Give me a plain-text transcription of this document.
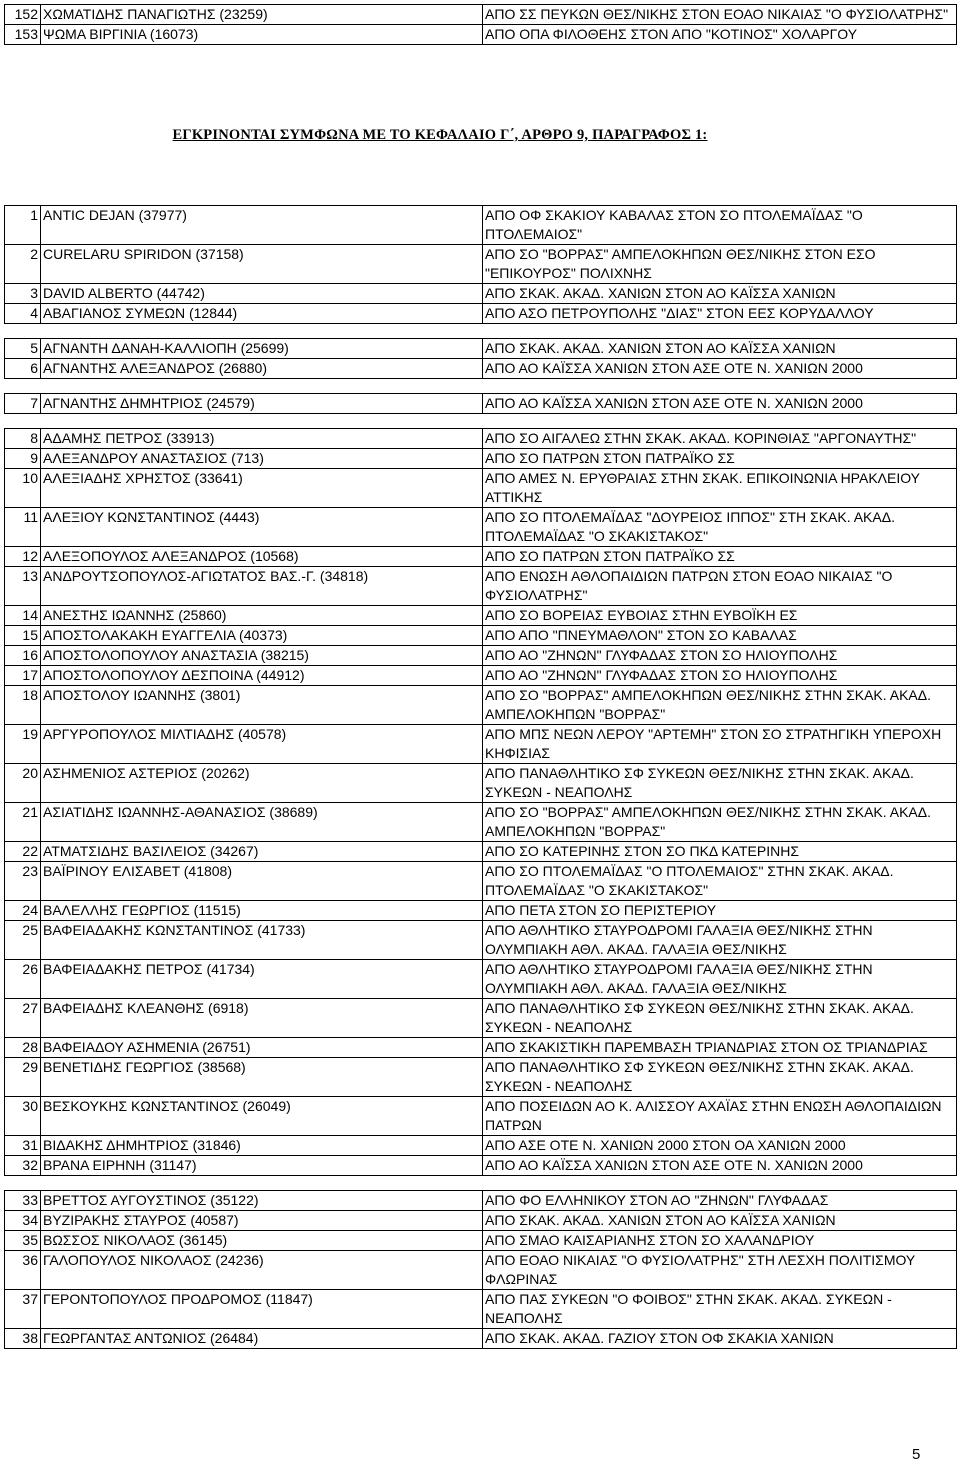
152	ΧΩΜΑΤΙΔΗΣ ΠΑΝΑΓΙΩΤΗΣ (23259)	ΑΠΟ ΣΣ ΠΕΥΚΩΝ ΘΕΣ/ΝΙΚΗΣ ΣΤΟΝ ΕΟΑΟ ΝΙΚΑΙΑΣ "Ο ΦΥΣΙΟΛΑΤΡΗΣ"
153	ΨΩΜΑ ΒΙΡΓΙΝΙΑ (16073)	ΑΠΟ ΟΠΑ ΦΙΛΟΘΕΗΣ ΣΤΟΝ ΑΠΟ "ΚΟΤΙΝΟΣ" ΧΟΛΑΡΓΟΥ
ΕΓΚΡΙΝΟΝΤΑΙ ΣΥΜΦΩΝΑ ΜΕ ΤΟ ΚΕΦΑΛΑΙΟ Γ΄, ΑΡΘΡΟ 9, ΠΑΡΑΓΡΑΦΟΣ 1:
1	ANTIC DEJAN (37977)	ΑΠΟ ΟΦ ΣΚΑΚΙΟΥ ΚΑΒΑΛΑΣ ΣΤΟΝ ΣΟ ΠΤΟΛΕΜΑΪΔΑΣ "Ο ΠΤΟΛΕΜΑΙΟΣ"
2	CURELARU SPIRIDON (37158)	ΑΠΟ ΣΟ "ΒΟΡΡΑΣ" ΑΜΠΕΛΟΚΗΠΩΝ ΘΕΣ/ΝΙΚΗΣ ΣΤΟΝ ΕΣΟ "ΕΠΙΚΟΥΡΟΣ" ΠΟΛΙΧΝΗΣ
3	DAVID ALBERTO (44742)	ΑΠΟ ΣΚΑΚ. ΑΚΑΔ. ΧΑΝΙΩΝ ΣΤΟΝ ΑΟ ΚΑΪΣΣΑ ΧΑΝΙΩΝ
4	ΑΒΑΓΙΑΝΟΣ ΣΥΜΕΩΝ (12844)	ΑΠΟ ΑΣΟ ΠΕΤΡΟΥΠΟΛΗΣ "ΔΙΑΣ" ΣΤΟΝ ΕΕΣ ΚΟΡΥΔΑΛΛΟΥ

5	ΑΓΝΑΝΤΗ ΔΑΝΑΗ-ΚΑΛΛΙΟΠΗ (25699)	ΑΠΟ ΣΚΑΚ. ΑΚΑΔ. ΧΑΝΙΩΝ ΣΤΟΝ ΑΟ ΚΑΪΣΣΑ ΧΑΝΙΩΝ
6	ΑΓΝΑΝΤΗΣ ΑΛΕΞΑΝΔΡΟΣ (26880)	ΑΠΟ ΑΟ ΚΑΪΣΣΑ ΧΑΝΙΩΝ ΣΤΟΝ ΑΣΕ ΟΤΕ Ν. ΧΑΝΙΩΝ 2000

7	ΑΓΝΑΝΤΗΣ ΔΗΜΗΤΡΙΟΣ (24579)	ΑΠΟ ΑΟ ΚΑΪΣΣΑ ΧΑΝΙΩΝ ΣΤΟΝ ΑΣΕ ΟΤΕ Ν. ΧΑΝΙΩΝ 2000

8	ΑΔΑΜΗΣ ΠΕΤΡΟΣ (33913)	ΑΠΟ ΣΟ ΑΙΓΑΛΕΩ ΣΤΗΝ ΣΚΑΚ. ΑΚΑΔ. ΚΟΡΙΝΘΙΑΣ "ΑΡΓΟΝΑΥΤΗΣ"
9	ΑΛΕΞΑΝΔΡΟΥ ΑΝΑΣΤΑΣΙΟΣ (713)	ΑΠΟ ΣΟ ΠΑΤΡΩΝ ΣΤΟΝ ΠΑΤΡΑΪΚΟ ΣΣ
10	ΑΛΕΞΙΑΔΗΣ ΧΡΗΣΤΟΣ (33641)	ΑΠΟ ΑΜΕΣ Ν. ΕΡΥΘΡΑΙΑΣ ΣΤΗΝ ΣΚΑΚ. ΕΠΙΚΟΙΝΩΝΙΑ ΗΡΑΚΛΕΙΟΥ ΑΤΤΙΚΗΣ
11	ΑΛΕΞΙΟΥ ΚΩΝΣΤΑΝΤΙΝΟΣ (4443)	ΑΠΟ ΣΟ ΠΤΟΛΕΜΑΪΔΑΣ "ΔΟΥΡΕΙΟΣ ΙΠΠΟΣ" ΣΤΗ ΣΚΑΚ. ΑΚΑΔ. ΠΤΟΛΕΜΑΪΔΑΣ "Ο ΣΚΑΚΙΣΤΑΚΟΣ"
12	ΑΛΕΞΟΠΟΥΛΟΣ ΑΛΕΞΑΝΔΡΟΣ (10568)	ΑΠΟ ΣΟ ΠΑΤΡΩΝ ΣΤΟΝ ΠΑΤΡΑΪΚΟ ΣΣ
13	ΑΝΔΡΟΥΤΣΟΠΟΥΛΟΣ-ΑΓΙΩΤΑΤΟΣ ΒΑΣ.-Γ. (34818)	ΑΠΟ ΕΝΩΣΗ ΑΘΛΟΠΑΙΔΙΩΝ ΠΑΤΡΩΝ ΣΤΟΝ ΕΟΑΟ ΝΙΚΑΙΑΣ "Ο ΦΥΣΙΟΛΑΤΡΗΣ"
14	ΑΝΕΣΤΗΣ ΙΩΑΝΝΗΣ (25860)	ΑΠΟ ΣΟ ΒΟΡΕΙΑΣ ΕΥΒΟΙΑΣ ΣΤΗΝ ΕΥΒΟΪΚΗ ΕΣ
15	ΑΠΟΣΤΟΛΑΚΑΚΗ ΕΥΑΓΓΕΛΙΑ (40373)	ΑΠΟ ΑΠΟ "ΠΝΕΥΜΑΘΛΟΝ" ΣΤΟΝ ΣΟ ΚΑΒΑΛΑΣ
16	ΑΠΟΣΤΟΛΟΠΟΥΛΟΥ ΑΝΑΣΤΑΣΙΑ (38215)	ΑΠΟ ΑΟ "ΖΗΝΩΝ" ΓΛΥΦΑΔΑΣ ΣΤΟΝ ΣΟ ΗΛΙΟΥΠΟΛΗΣ
17	ΑΠΟΣΤΟΛΟΠΟΥΛΟΥ ΔΕΣΠΟΙΝΑ (44912)	ΑΠΟ ΑΟ "ΖΗΝΩΝ" ΓΛΥΦΑΔΑΣ ΣΤΟΝ ΣΟ ΗΛΙΟΥΠΟΛΗΣ
18	ΑΠΟΣΤΟΛΟΥ ΙΩΑΝΝΗΣ (3801)	ΑΠΟ ΣΟ "ΒΟΡΡΑΣ" ΑΜΠΕΛΟΚΗΠΩΝ ΘΕΣ/ΝΙΚΗΣ ΣΤΗΝ ΣΚΑΚ. ΑΚΑΔ. ΑΜΠΕΛΟΚΗΠΩΝ "ΒΟΡΡΑΣ"
19	ΑΡΓΥΡΟΠΟΥΛΟΣ ΜΙΛΤΙΑΔΗΣ (40578)	ΑΠΟ ΜΠΣ ΝΕΩΝ ΛΕΡΟΥ "ΑΡΤΕΜΗ" ΣΤΟΝ ΣΟ ΣΤΡΑΤΗΓΙΚΗ ΥΠΕΡΟΧΗ ΚΗΦΙΣΙΑΣ
20	ΑΣΗΜΕΝΙΟΣ ΑΣΤΕΡΙΟΣ (20262)	ΑΠΟ ΠΑΝΑΘΛΗΤΙΚΟ ΣΦ ΣΥΚΕΩΝ ΘΕΣ/ΝΙΚΗΣ ΣΤΗΝ ΣΚΑΚ. ΑΚΑΔ. ΣΥΚΕΩΝ - ΝΕΑΠΟΛΗΣ
21	ΑΣΙΑΤΙΔΗΣ ΙΩΑΝΝΗΣ-ΑΘΑΝΑΣΙΟΣ (38689)	ΑΠΟ ΣΟ "ΒΟΡΡΑΣ" ΑΜΠΕΛΟΚΗΠΩΝ ΘΕΣ/ΝΙΚΗΣ ΣΤΗΝ ΣΚΑΚ. ΑΚΑΔ. ΑΜΠΕΛΟΚΗΠΩΝ "ΒΟΡΡΑΣ"
22	ΑΤΜΑΤΣΙΔΗΣ ΒΑΣΙΛΕΙΟΣ (34267)	ΑΠΟ ΣΟ ΚΑΤΕΡΙΝΗΣ ΣΤΟΝ ΣΟ ΠΚΔ ΚΑΤΕΡΙΝΗΣ
23	ΒΑΪΡΙΝΟΥ ΕΛΙΣΑΒΕΤ (41808)	ΑΠΟ ΣΟ ΠΤΟΛΕΜΑΪΔΑΣ "Ο ΠΤΟΛΕΜΑΙΟΣ" ΣΤΗΝ ΣΚΑΚ. ΑΚΑΔ. ΠΤΟΛΕΜΑΪΔΑΣ "Ο ΣΚΑΚΙΣΤΑΚΟΣ"
24	ΒΑΛΕΛΛΗΣ ΓΕΩΡΓΙΟΣ (11515)	ΑΠΟ ΠΕΤΑ ΣΤΟΝ ΣΟ ΠΕΡΙΣΤΕΡΙΟΥ
25	ΒΑΦΕΙΑΔΑΚΗΣ ΚΩΝΣΤΑΝΤΙΝΟΣ (41733)	ΑΠΟ ΑΘΛΗΤΙΚΟ ΣΤΑΥΡΟΔΡΟΜΙ ΓΑΛΑΞΙΑ ΘΕΣ/ΝΙΚΗΣ ΣΤΗΝ ΟΛΥΜΠΙΑΚΗ ΑΘΛ. ΑΚΑΔ. ΓΑΛΑΞΙΑ ΘΕΣ/ΝΙΚΗΣ
26	ΒΑΦΕΙΑΔΑΚΗΣ ΠΕΤΡΟΣ (41734)	ΑΠΟ ΑΘΛΗΤΙΚΟ ΣΤΑΥΡΟΔΡΟΜΙ ΓΑΛΑΞΙΑ ΘΕΣ/ΝΙΚΗΣ ΣΤΗΝ ΟΛΥΜΠΙΑΚΗ ΑΘΛ. ΑΚΑΔ. ΓΑΛΑΞΙΑ ΘΕΣ/ΝΙΚΗΣ
27	ΒΑΦΕΙΑΔΗΣ ΚΛΕΑΝΘΗΣ (6918)	ΑΠΟ ΠΑΝΑΘΛΗΤΙΚΟ ΣΦ ΣΥΚΕΩΝ ΘΕΣ/ΝΙΚΗΣ ΣΤΗΝ ΣΚΑΚ. ΑΚΑΔ. ΣΥΚΕΩΝ - ΝΕΑΠΟΛΗΣ
28	ΒΑΦΕΙΑΔΟΥ ΑΣΗΜΕΝΙΑ (26751)	ΑΠΟ ΣΚΑΚΙΣΤΙΚΗ ΠΑΡΕΜΒΑΣΗ ΤΡΙΑΝΔΡΙΑΣ ΣΤΟΝ ΟΣ ΤΡΙΑΝΔΡΙΑΣ
29	ΒΕΝΕΤΙΔΗΣ ΓΕΩΡΓΙΟΣ (38568)	ΑΠΟ ΠΑΝΑΘΛΗΤΙΚΟ ΣΦ ΣΥΚΕΩΝ ΘΕΣ/ΝΙΚΗΣ ΣΤΗΝ ΣΚΑΚ. ΑΚΑΔ. ΣΥΚΕΩΝ - ΝΕΑΠΟΛΗΣ
30	ΒΕΣΚΟΥΚΗΣ ΚΩΝΣΤΑΝΤΙΝΟΣ (26049)	ΑΠΟ ΠΟΣΕΙΔΩΝ ΑΟ Κ. ΑΛΙΣΣΟΥ ΑΧΑΪΑΣ ΣΤΗΝ ΕΝΩΣΗ ΑΘΛΟΠΑΙΔΙΩΝ ΠΑΤΡΩΝ
31	ΒΙΔΑΚΗΣ ΔΗΜΗΤΡΙΟΣ (31846)	ΑΠΟ ΑΣΕ ΟΤΕ Ν. ΧΑΝΙΩΝ 2000 ΣΤΟΝ ΟΑ ΧΑΝΙΩΝ 2000
32	ΒΡΑΝΑ ΕΙΡΗΝΗ (31147)	ΑΠΟ ΑΟ ΚΑΪΣΣΑ ΧΑΝΙΩΝ ΣΤΟΝ ΑΣΕ ΟΤΕ Ν. ΧΑΝΙΩΝ 2000

33	ΒΡΕΤΤΟΣ ΑΥΓΟΥΣΤΙΝΟΣ (35122)	ΑΠΟ ΦΟ ΕΛΛΗΝΙΚΟΥ ΣΤΟΝ ΑΟ "ΖΗΝΩΝ" ΓΛΥΦΑΔΑΣ
34	ΒΥΖΙΡΑΚΗΣ ΣΤΑΥΡΟΣ (40587)	ΑΠΟ ΣΚΑΚ. ΑΚΑΔ. ΧΑΝΙΩΝ ΣΤΟΝ ΑΟ ΚΑΪΣΣΑ ΧΑΝΙΩΝ
35	ΒΩΣΣΟΣ ΝΙΚΟΛΑΟΣ (36145)	ΑΠΟ ΣΜΑΟ ΚΑΙΣΑΡΙΑΝΗΣ ΣΤΟΝ ΣΟ ΧΑΛΑΝΔΡΙΟΥ
36	ΓΑΛΟΠΟΥΛΟΣ ΝΙΚΟΛΑΟΣ (24236)	ΑΠΟ ΕΟΑΟ ΝΙΚΑΙΑΣ "Ο ΦΥΣΙΟΛΑΤΡΗΣ" ΣΤΗ ΛΕΣΧΗ ΠΟΛΙΤΙΣΜΟΥ ΦΛΩΡΙΝΑΣ
37	ΓΕΡΟΝΤΟΠΟΥΛΟΣ ΠΡΟΔΡΟΜΟΣ (11847)	ΑΠΟ ΠΑΣ ΣΥΚΕΩΝ "Ο ΦΟΙΒΟΣ" ΣΤΗΝ ΣΚΑΚ. ΑΚΑΔ. ΣΥΚΕΩΝ - ΝΕΑΠΟΛΗΣ
38	ΓΕΩΡΓΑΝΤΑΣ ΑΝΤΩΝΙΟΣ (26484)	ΑΠΟ ΣΚΑΚ. ΑΚΑΔ. ΓΑΖΙΟΥ ΣΤΟΝ ΟΦ ΣΚΑΚΙΑ ΧΑΝΙΩΝ
5
